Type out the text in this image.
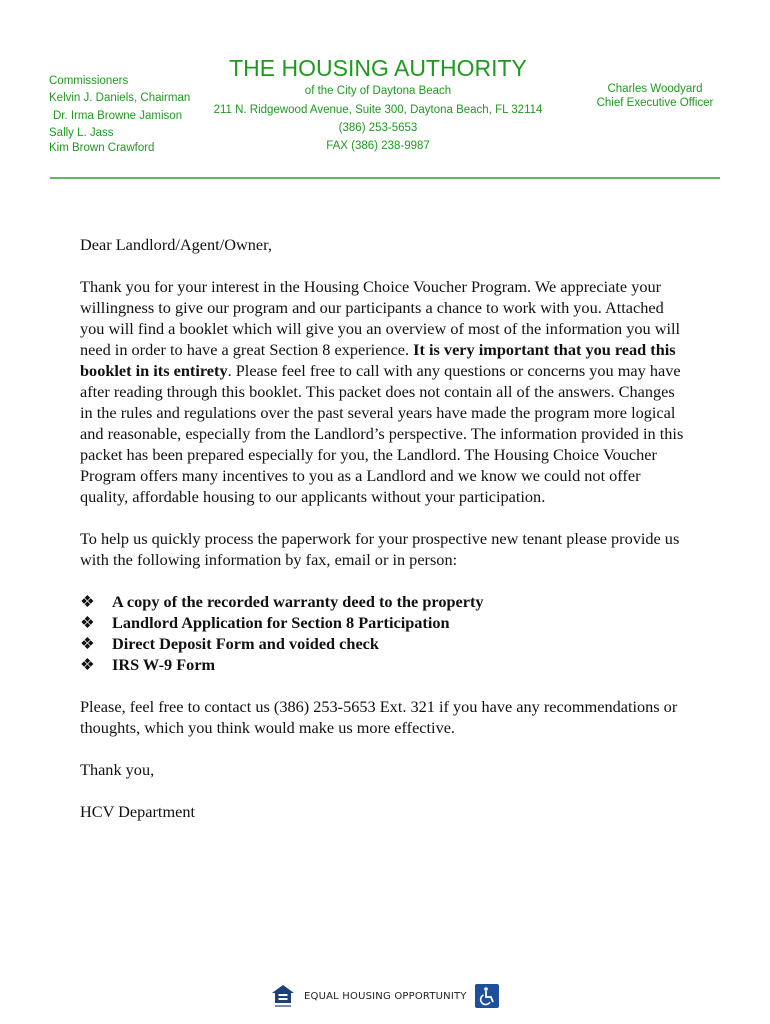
Commissioners
Kelvin J. Daniels, Chairman
Dr. Irma Browne Jamison
Sally L. Jass
Kim Brown Crawford
THE HOUSING AUTHORITY
of the City of Daytona Beach
211 N. Ridgewood Avenue, Suite 300, Daytona Beach, FL 32114
(386) 253-5653
FAX (386) 238-9987
Charles Woodyard
Chief Executive Officer

Dear Landlord/Agent/Owner,

Thank you for your interest in the Housing Choice Voucher Program. We appreciate your willingness to give our program and our participants a chance to work with you. Attached you will find a booklet which will give you an overview of most of the information you will need in order to have a great Section 8 experience. It is very important that you read this booklet in its entirety. Please feel free to call with any questions or concerns you may have after reading through this booklet. This packet does not contain all of the answers. Changes in the rules and regulations over the past several years have made the program more logical and reasonable, especially from the Landlord’s perspective. The information provided in this packet has been prepared especially for you, the Landlord. The Housing Choice Voucher Program offers many incentives to you as a Landlord and we know we could not offer quality, affordable housing to our applicants without your participation.

To help us quickly process the paperwork for your prospective new tenant please provide us with the following information by fax, email or in person:

❖	A copy of the recorded warranty deed to the property
❖	Landlord Application for Section 8 Participation
❖	Direct Deposit Form and voided check
❖	IRS W-9 Form

Please, feel free to contact us (386) 253-5653 Ext. 321 if you have any recommendations or thoughts, which you think would make us more effective.

Thank you,

HCV Department

EQUAL HOUSING OPPORTUNITY
